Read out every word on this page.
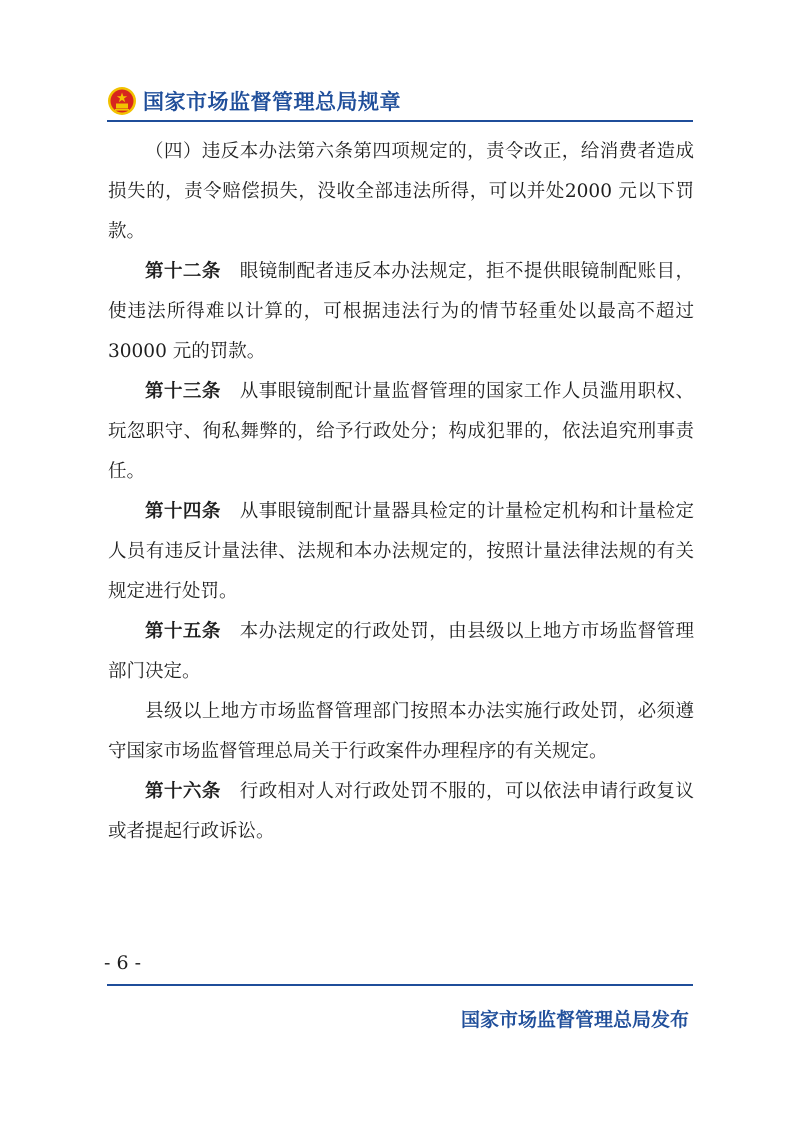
国家市场监督管理总局规章

（四）违反本办法第六条第四项规定的，责令改正，给消费者造成损失的，责令赔偿损失，没收全部违法所得，可以并处2000 元以下罚款。

第十二条  眼镜制配者违反本办法规定，拒不提供眼镜制配账目，使违法所得难以计算的，可根据违法行为的情节轻重处以最高不超过 30000 元的罚款。

第十三条  从事眼镜制配计量监督管理的国家工作人员滥用职权、玩忽职守、徇私舞弊的，给予行政处分；构成犯罪的，依法追究刑事责任。

第十四条  从事眼镜制配计量器具检定的计量检定机构和计量检定人员有违反计量法律、法规和本办法规定的，按照计量法律法规的有关规定进行处罚。

第十五条  本办法规定的行政处罚，由县级以上地方市场监督管理部门决定。

县级以上地方市场监督管理部门按照本办法实施行政处罚，必须遵守国家市场监督管理总局关于行政案件办理程序的有关规定。

第十六条  行政相对人对行政处罚不服的，可以依法申请行政复议或者提起行政诉讼。

- 6 -
国家市场监督管理总局发布
